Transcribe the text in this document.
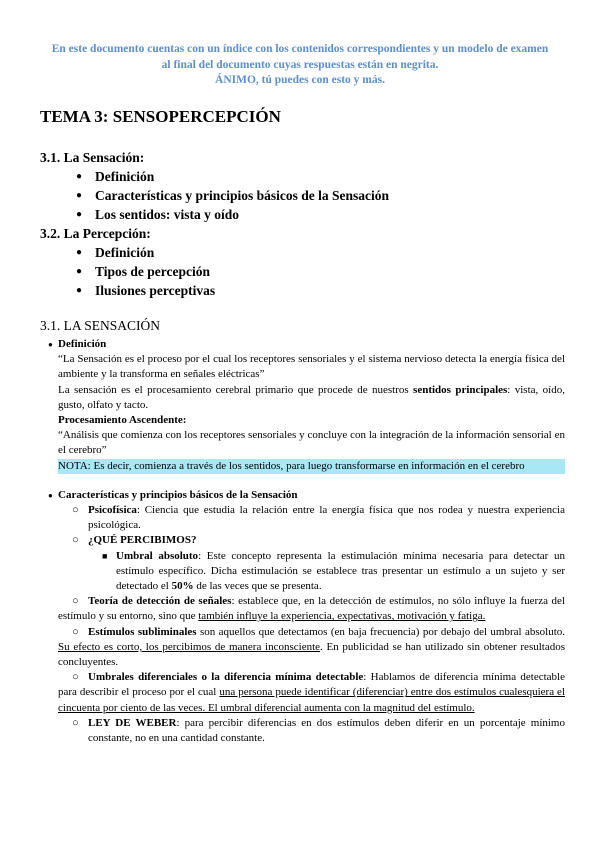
En este documento cuentas con un índice con los contenidos correspondientes y un modelo de examen
al final del documento cuyas respuestas están en negrita.
ÁNIMO, tú puedes con esto y más.
TEMA 3: SENSOPERCEPCIÓN
3.1. La Sensación:
● Definición
● Características y principios básicos de la Sensación
● Los sentidos: vista y oído
3.2. La Percepción:
● Definición
● Tipos de percepción
● Ilusiones perceptivas
3.1. LA SENSACIÓN

● Definición

“La Sensación es el proceso por el cual los receptores sensoriales y el sistema nervioso detecta la energía física del ambiente y la transforma en señales eléctricas”

La sensación es el procesamiento cerebral primario que procede de nuestros sentidos principales: vista, oído, gusto, olfato y tacto.

Procesamiento Ascendente:

“Análisis que comienza con los receptores sensoriales y concluye con la integración de la información sensorial en el cerebro”

NOTA: Es decir, comienza a través de los sentidos, para luego transformarse en información en el cerebro

● Características y principios básicos de la Sensación

○ Psicofísica: Ciencia que estudia la relación entre la energía física que nos rodea y nuestra experiencia psicológica.

○ ¿QUÉ PERCIBIMOS?

■ Umbral absoluto: Este concepto representa la estimulación mínima necesaria para detectar un estímulo específico. Dicha estimulación se establece tras presentar un estímulo a un sujeto y ser detectado el 50% de las veces que se presenta.

○ Teoría de detección de señales: establece que, en la detección de estímulos, no sólo influye la fuerza del estímulo y su entorno, sino que también influye la experiencia, expectativas, motivación y fatiga.

○ Estímulos subliminales son aquellos que detectamos (en baja frecuencia) por debajo del umbral absoluto. Su efecto es corto, los percibimos de manera inconsciente. En publicidad se han utilizado sin obtener resultados concluyentes.

○ Umbrales diferenciales o la diferencia mínima detectable: Hablamos de diferencia mínima detectable para describir el proceso por el cual una persona puede identificar (diferenciar) entre dos estímulos cualesquiera el cincuenta por ciento de las veces. El umbral diferencial aumenta con la magnitud del estímulo.

○ LEY DE WEBER: para percibir diferencias en dos estímulos deben diferir en un porcentaje mínimo constante, no en una cantidad constante.
